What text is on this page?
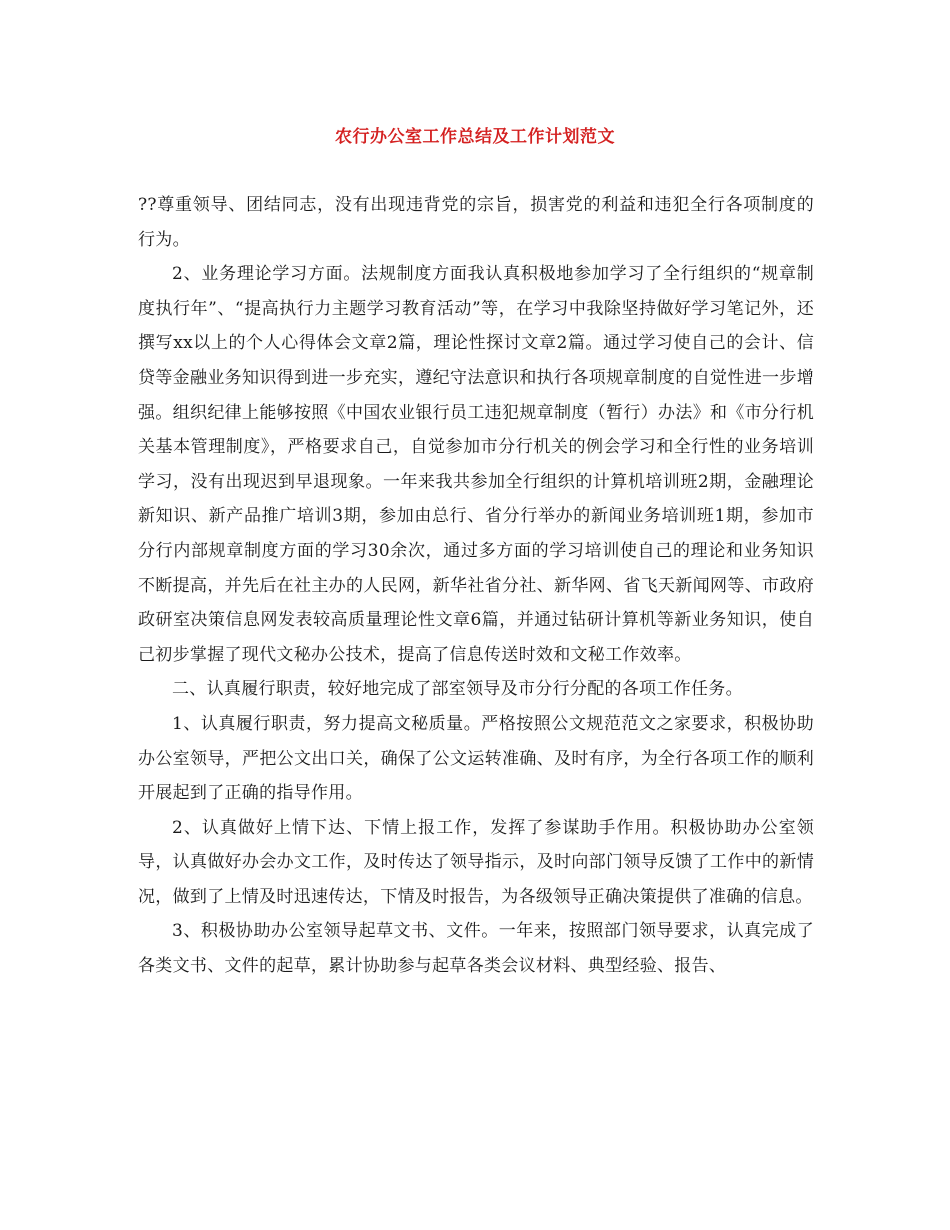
农行办公室工作总结及工作计划范文

??尊重领导、团结同志，没有出现违背党的宗旨，损害党的利益和违犯全行各项制度的行为。

2、业务理论学习方面。法规制度方面我认真积极地参加学习了全行组织的“规章制度执行年”、“提高执行力主题学习教育活动”等，在学习中我除坚持做好学习笔记外，还撰写xx以上的个人心得体会文章2篇，理论性探讨文章2篇。通过学习使自己的会计、信贷等金融业务知识得到进一步充实，遵纪守法意识和执行各项规章制度的自觉性进一步增强。组织纪律上能够按照《中国农业银行员工违犯规章制度（暂行）办法》和《市分行机关基本管理制度》，严格要求自己，自觉参加市分行机关的例会学习和全行性的业务培训学习，没有出现迟到早退现象。一年来我共参加全行组织的计算机培训班2期，金融理论新知识、新产品推广培训3期，参加由总行、省分行举办的新闻业务培训班1期，参加市分行内部规章制度方面的学习30余次，通过多方面的学习培训使自己的理论和业务知识不断提高，并先后在社主办的人民网，新华社省分社、新华网、省飞天新闻网等、市政府政研室决策信息网发表较高质量理论性文章6篇，并通过钻研计算机等新业务知识，使自己初步掌握了现代文秘办公技术，提高了信息传送时效和文秘工作效率。

二、认真履行职责，较好地完成了部室领导及市分行分配的各项工作任务。

1、认真履行职责，努力提高文秘质量。严格按照公文规范范文之家要求，积极协助办公室领导，严把公文出口关，确保了公文运转准确、及时有序，为全行各项工作的顺利开展起到了正确的指导作用。

2、认真做好上情下达、下情上报工作，发挥了参谋助手作用。积极协助办公室领导，认真做好办会办文工作，及时传达了领导指示，及时向部门领导反馈了工作中的新情况，做到了上情及时迅速传达，下情及时报告，为各级领导正确决策提供了准确的信息。

3、积极协助办公室领导起草文书、文件。一年来，按照部门领导要求，认真完成了各类文书、文件的起草，累计协助参与起草各类会议材料、典型经验、报告、
